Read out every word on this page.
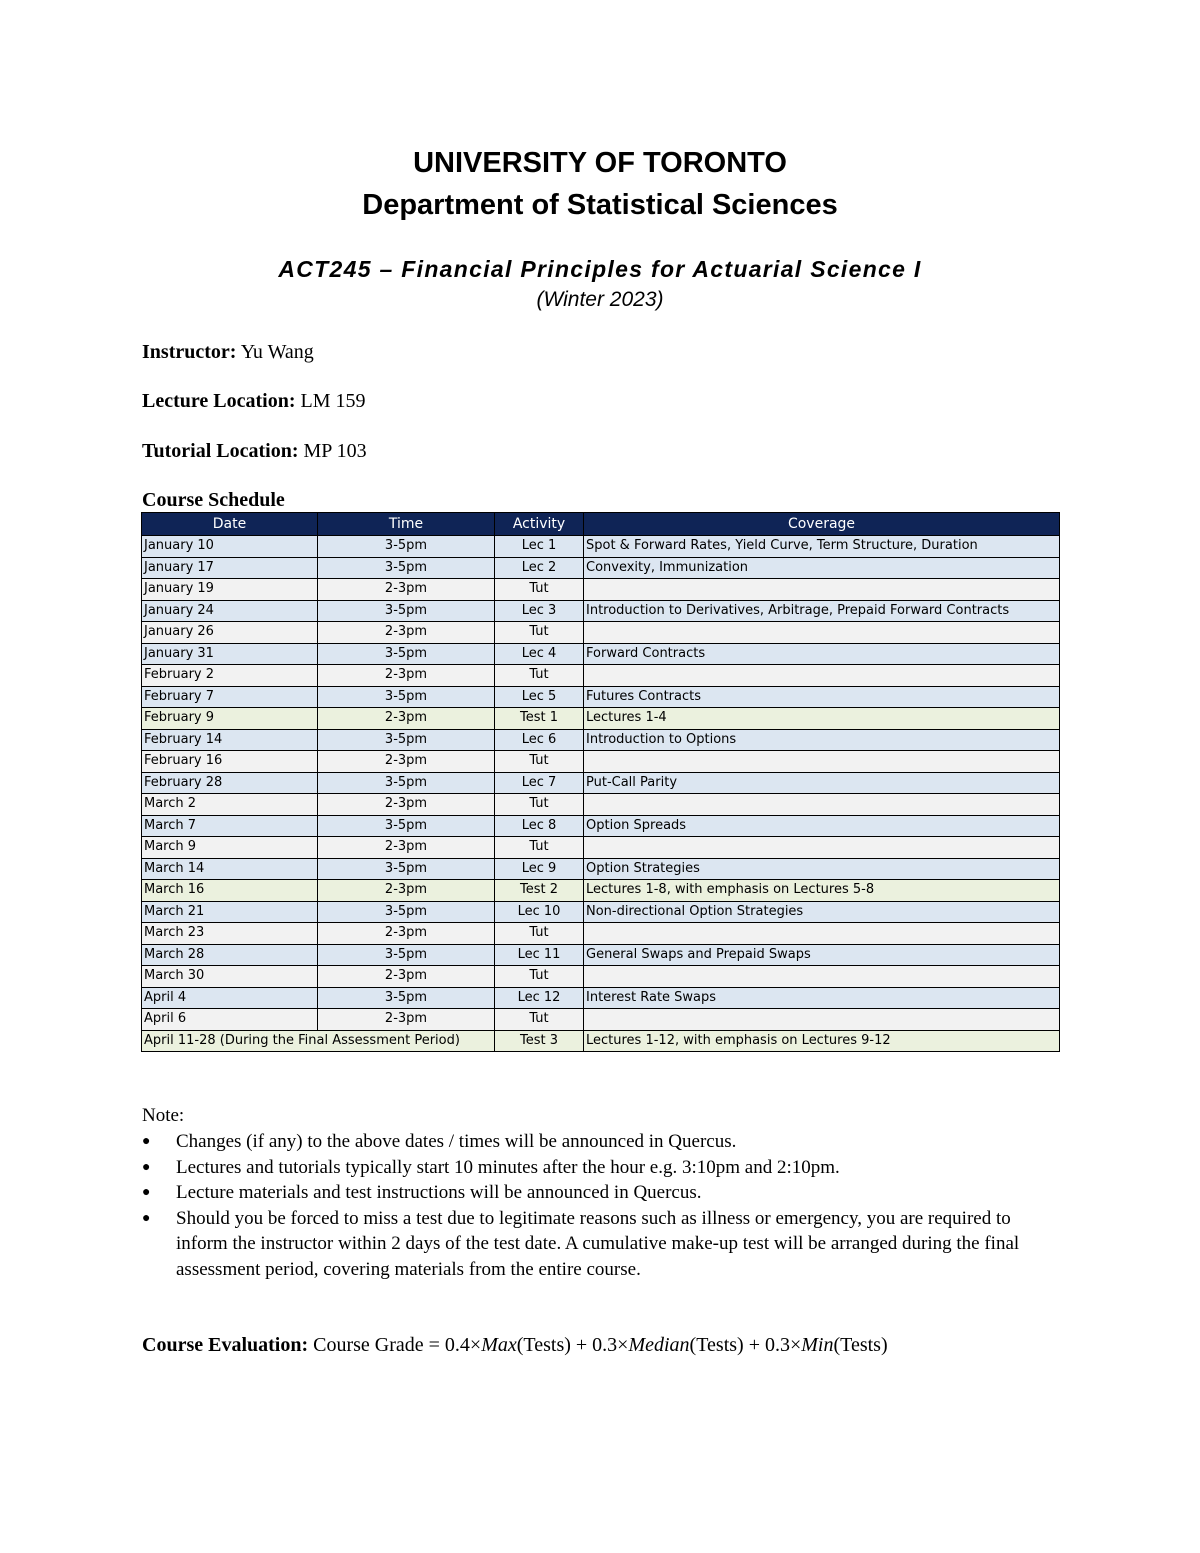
UNIVERSITY OF TORONTO
Department of Statistical Sciences
ACT245 – Financial Principles for Actuarial Science I
(Winter 2023)
Instructor: Yu Wang
Lecture Location: LM 159
Tutorial Location: MP 103
Course Schedule
Date	Time	Activity	Coverage
January 10	3-5pm	Lec 1	Spot & Forward Rates, Yield Curve, Term Structure, Duration
January 17	3-5pm	Lec 2	Convexity, Immunization
January 19	2-3pm	Tut	
January 24	3-5pm	Lec 3	Introduction to Derivatives, Arbitrage, Prepaid Forward Contracts
January 26	2-3pm	Tut	
January 31	3-5pm	Lec 4	Forward Contracts
February 2	2-3pm	Tut	
February 7	3-5pm	Lec 5	Futures Contracts
February 9	2-3pm	Test 1	Lectures 1-4
February 14	3-5pm	Lec 6	Introduction to Options
February 16	2-3pm	Tut	
February 28	3-5pm	Lec 7	Put-Call Parity
March 2	2-3pm	Tut	
March 7	3-5pm	Lec 8	Option Spreads
March 9	2-3pm	Tut	
March 14	3-5pm	Lec 9	Option Strategies
March 16	2-3pm	Test 2	Lectures 1-8, with emphasis on Lectures 5-8
March 21	3-5pm	Lec 10	Non-directional Option Strategies
March 23	2-3pm	Tut	
March 28	3-5pm	Lec 11	General Swaps and Prepaid Swaps
March 30	2-3pm	Tut	
April 4	3-5pm	Lec 12	Interest Rate Swaps
April 6	2-3pm	Tut	
April 11-28 (During the Final Assessment Period)		Test 3	Lectures 1-12, with emphasis on Lectures 9-12
Note:
● Changes (if any) to the above dates / times will be announced in Quercus.
● Lectures and tutorials typically start 10 minutes after the hour e.g. 3:10pm and 2:10pm.
● Lecture materials and test instructions will be announced in Quercus.
● Should you be forced to miss a test due to legitimate reasons such as illness or emergency, you are required to inform the instructor within 2 days of the test date. A cumulative make-up test will be arranged during the final assessment period, covering materials from the entire course.
Course Evaluation: Course Grade = 0.4×Max(Tests) + 0.3×Median(Tests) + 0.3×Min(Tests)
